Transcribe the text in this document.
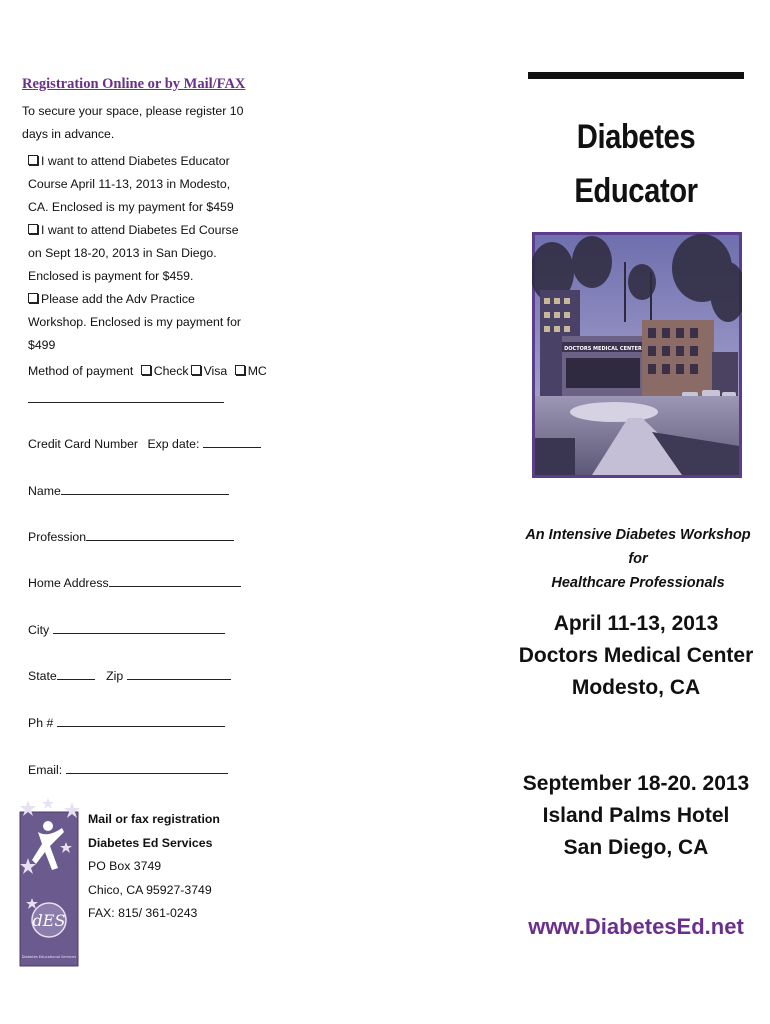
Registration Online or by Mail/FAX

To secure your space, please register 10 days in advance.

I want to attend Diabetes Educator Course April 11-13, 2013 in Modesto, CA. Enclosed is my payment for $459

I want to attend Diabetes Ed Course on Sept 18-20, 2013 in San Diego. Enclosed is payment for $459.

Please add the Adv Practice Workshop. Enclosed is my payment for $499

Method of payment Check Visa MC
Credit Card Number Exp date:
Name
Profession
Home Address
City
State	Zip
Ph #
Email:
dES
Diabetes Educational Services
Mail or fax registration
Diabetes Ed Services
PO Box 3749
Chico, CA 95927-3749
FAX: 815/ 361-0243
Diabetes
Educator
DOCTORS MEDICAL CENTER

An Intensive Diabetes Workshop for
Healthcare Professionals

April 11-13, 2013
Doctors Medical Center
Modesto, CA

September 18-20. 2013
Island Palms Hotel
San Diego, CA

www.DiabetesEd.net
